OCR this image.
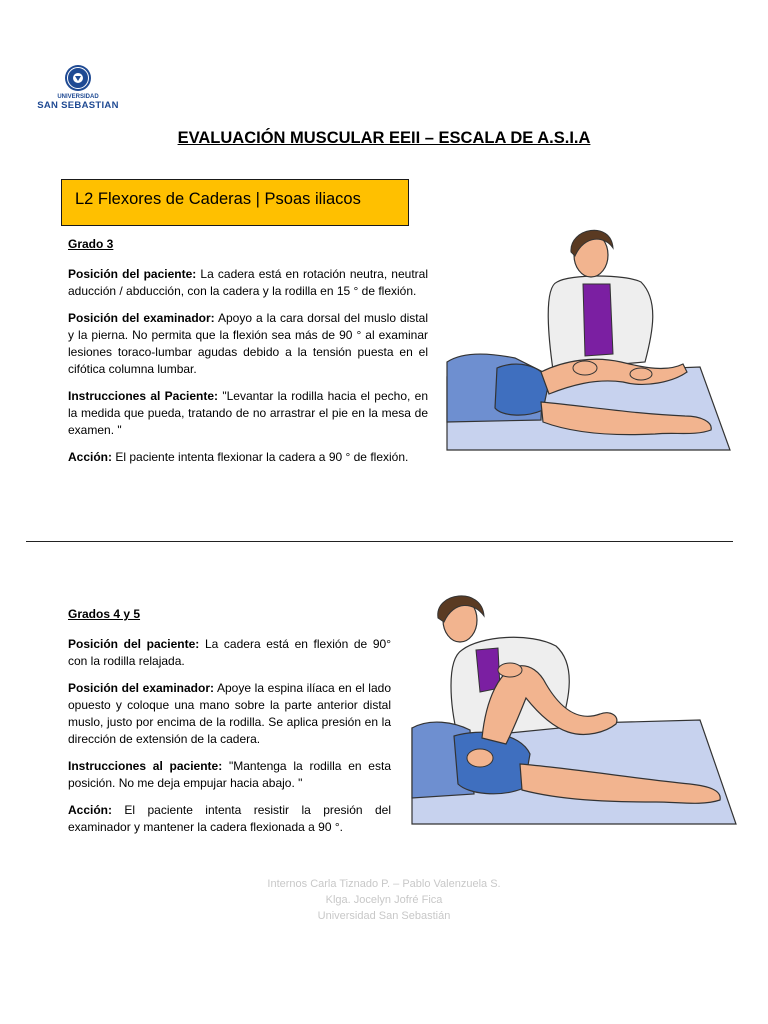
UNIVERSIDAD
SAN SEBASTIAN
EVALUACIÓN MUSCULAR EEII – ESCALA DE A.S.I.A
L2 Flexores de Caderas | Psoas iliacos
Grado 3

Posición del paciente: La cadera está en rotación neutra, neutral aducción / abducción, con la cadera y la rodilla en 15 ° de flexión.

Posición del examinador: Apoyo a la cara dorsal del muslo distal y la pierna. No permita que la flexión sea más de 90 ° al examinar lesiones toraco-lumbar agudas debido a la tensión puesta en el cifótica columna lumbar.

Instrucciones al Paciente: "Levantar la rodilla hacia el pecho, en la medida que pueda, tratando de no arrastrar el pie en la mesa de examen. "

Acción: El paciente intenta flexionar la cadera a 90 ° de flexión.

Grados 4 y 5

Posición del paciente: La cadera está en flexión de 90° con la rodilla relajada.

Posición del examinador: Apoye la espina ilíaca en el lado opuesto y coloque una mano sobre la parte anterior distal muslo, justo por encima de la rodilla. Se aplica presión en la dirección de extensión de la cadera.

Instrucciones al paciente: "Mantenga la rodilla en esta posición. No me deja empujar hacia abajo. "

Acción: El paciente intenta resistir la presión del examinador y mantener la cadera flexionada a 90 °.

Internos Carla Tiznado P. – Pablo Valenzuela S.
Klga. Jocelyn Jofré Fica
Universidad San Sebastián
